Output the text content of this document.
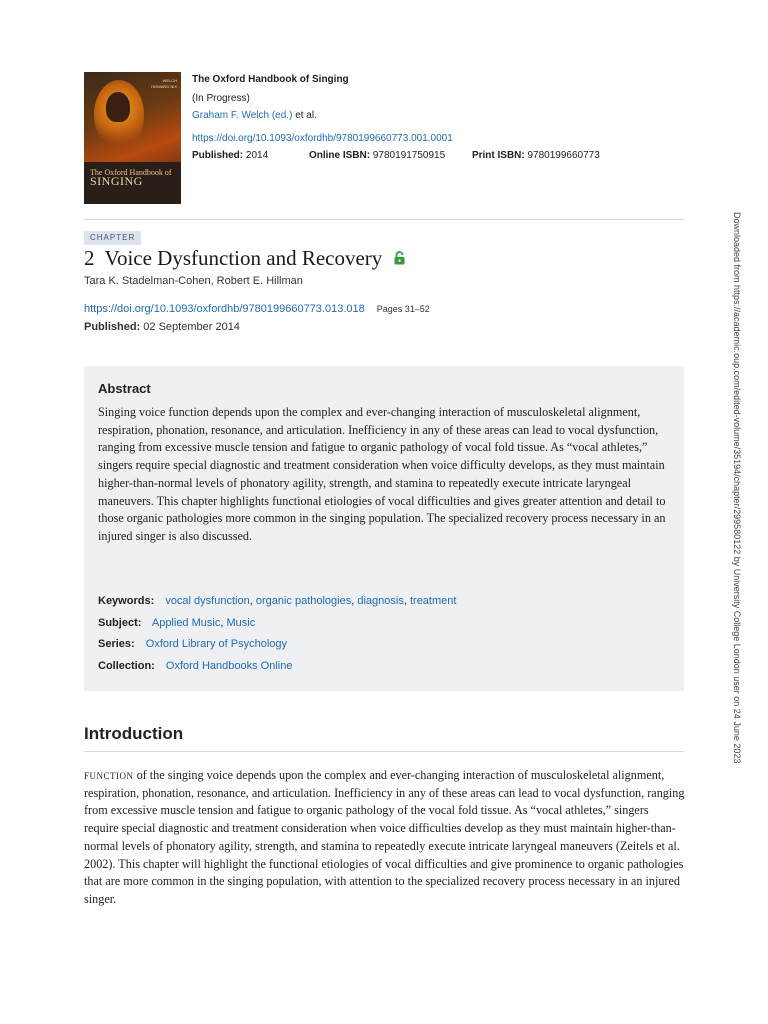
WELCH HOWARD NIX
The Oxford Handbook of
SINGING
The Oxford Handbook of Singing
(In Progress)
Graham F. Welch (ed.) et al.
https://doi.org/10.1093/oxfordhb/9780199660773.001.0001
Published: 2014	Online ISBN: 9780191750915	Print ISBN: 9780199660773
CHAPTER
2 Voice Dysfunction and Recovery
Tara K. Stadelman-Cohen, Robert E. Hillman
https://doi.org/10.1093/oxfordhb/9780199660773.013.018 Pages 31–52
Published: 02 September 2014
Abstract
Singing voice function depends upon the complex and ever-changing interaction of musculoskeletal alignment, respiration, phonation, resonance, and articulation. Inefficiency in any of these areas can lead to vocal dysfunction, ranging from excessive muscle tension and fatigue to organic pathology of vocal fold tissue. As “vocal athletes,” singers require special diagnostic and treatment consideration when voice difficulty develops, as they must maintain higher-than-normal levels of phonatory agility, strength, and stamina to repeatedly execute intricate laryngeal maneuvers. This chapter highlights functional etiologies of vocal difficulties and gives greater attention and detail to those organic pathologies more common in the singing population. The specialized recovery process necessary in an injured singer is also discussed.
Keywords: vocal dysfunction, organic pathologies, diagnosis, treatment
Subject: Applied Music, Music
Series: Oxford Library of Psychology
Collection: Oxford Handbooks Online
Introduction
function of the singing voice depends upon the complex and ever-changing interaction of musculoskeletal alignment, respiration, phonation, resonance, and articulation. Inefficiency in any of these areas can lead to vocal dysfunction, ranging from excessive muscle tension and fatigue to organic pathology of the vocal fold tissue. As “vocal athletes,” singers require special diagnostic and treatment consideration when voice difficulties develop as they must maintain higher-than-normal levels of phonatory agility, strength, and stamina to repeatedly execute intricate laryngeal maneuvers (Zeitels et al. 2002). This chapter will highlight the functional etiologies of vocal difficulties and give prominence to organic pathologies that are more common in the singing population, with attention to the specialized recovery process necessary in an injured singer.
Downloaded from https://academic.oup.com/edited-volume/35194/chapter/299580122 by University College London user on 24 June 2023
